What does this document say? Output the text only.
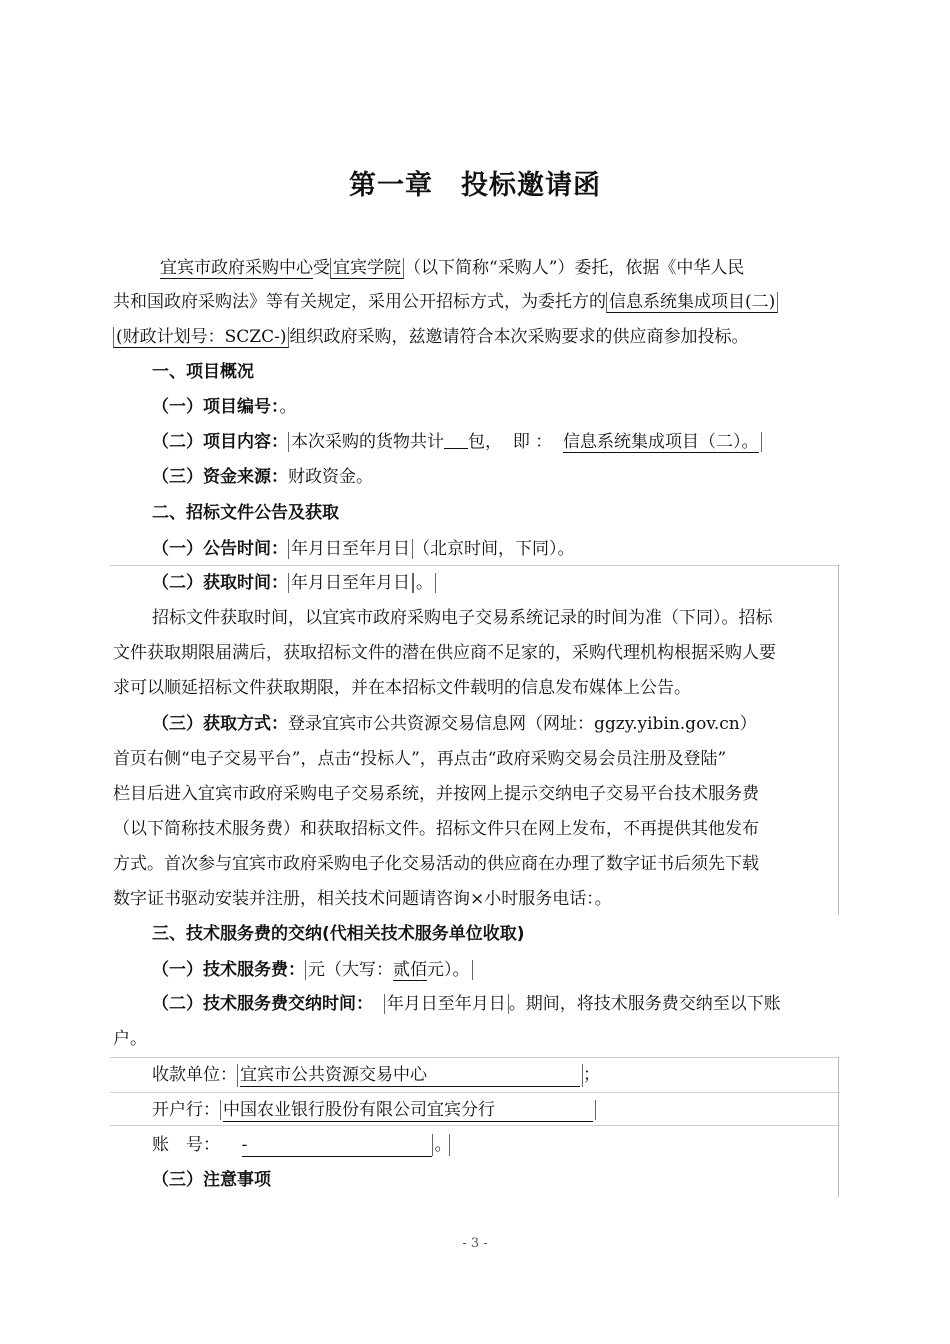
第一章　投标邀请函
宜宾市政府采购中心受 宜宾学院 （以下简称“采购人”）委托，依据《中华人民
共和国政府采购法》等有关规定，采用公开招标方式，为委托方的 信息系统集成项目(二)
(财政计划号：SCZC-) 组织政府采购，兹邀请符合本次采购要求的供应商参加投标。
一、项目概况
（一）项目编号：。
（二）项目内容： 本次采购的货物共计 包， 即 ： 信息系统集成项目（二）。
（三）资金来源：财政资金。
二、招标文件公告及获取
（一）公告时间： 年月日至年月日 （北京时间，下同）。
（二）获取时间： 年月日至年月日 。
招标文件获取时间，以宜宾市政府采购电子交易系统记录的时间为准（下同）。招标
文件获取期限届满后，获取招标文件的潜在供应商不足家的，采购代理机构根据采购人要
求可以顺延招标文件获取期限，并在本招标文件载明的信息发布媒体上公告。
（三）获取方式：登录宜宾市公共资源交易信息网（网址：ggzy.yibin.gov.cn）
首页右侧“电子交易平台”，点击“投标人”，再点击“政府采购交易会员注册及登陆”
栏目后进入宜宾市政府采购电子交易系统，并按网上提示交纳电子交易平台技术服务费
（以下简称技术服务费）和获取招标文件。招标文件只在网上发布，不再提供其他发布
方式。首次参与宜宾市政府采购电子化交易活动的供应商在办理了数字证书后须先下载
数字证书驱动安装并注册，相关技术问题请咨询×小时服务电话：。
三、技术服务费的交纳(代相关技术服务单位收取)
（一）技术服务费： 元（大写：贰佰元）。
（二）技术服务费交纳时间： 年月日至年月日 。期间，将技术服务费交纳至以下账
户。
收款单位： 宜宾市公共资源交易中心	；
开户行： 中国农业银行股份有限公司宜宾分行
账　号： -	。
（三）注意事项
- 3 -
